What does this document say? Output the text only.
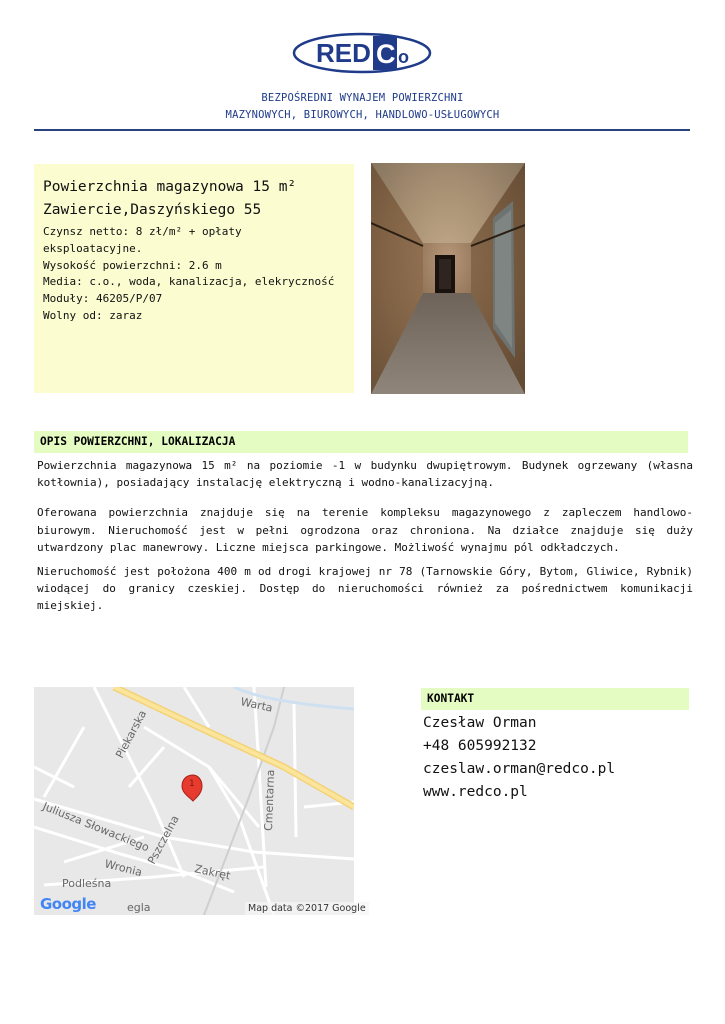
RED C o
BEZPOŚREDNI WYNAJEM POWIERZCHNI
MAZYNOWYCH, BIUROWYCH, HANDLOWO-USŁUGOWYCH
Powierzchnia magazynowa 15 m²
Zawiercie,Daszyńskiego 55
Czynsz netto: 8 zł/m² + opłaty
eksploatacyjne.
Wysokość powierzchni: 2.6 m
Media: c.o., woda, kanalizacja, elekryczność
Moduły: 46205/P/07
Wolny od: zaraz
OPIS POWIERZCHNI, LOKALIZACJA

Powierzchnia magazynowa 15 m² na poziomie -1 w budynku dwupiętrowym. Budynek ogrzewany (własna kotłownia), posiadający instalację elektryczną i wodno-kanalizacyjną.

Oferowana powierzchnia znajduje się na terenie kompleksu magazynowego z zapleczem handlowo-biurowym. Nieruchomość jest w pełni ogrodzona oraz chroniona. Na działce znajduje się duży utwardzony plac manewrowy. Liczne miejsca parkingowe. Możliwość wynajmu pól odkładczych.

Nieruchomość jest położona 400 m od drogi krajowej nr 78 (Tarnowskie Góry, Bytom, Gliwice, Rybnik) wiodącej do granicy czeskiej. Dostęp do nieruchomości również za pośrednictwem komunikacji miejskiej.

Warta
Piekarska
Cmentarna
Juliusza Słowackiego
Pszczelna
Wronia	Zakręt
Podleśna
egla
1
Google	Map data ©2017 Google
KONTAKT
Czesław Orman
+48 605992132
czeslaw.orman@redco.pl
www.redco.pl
